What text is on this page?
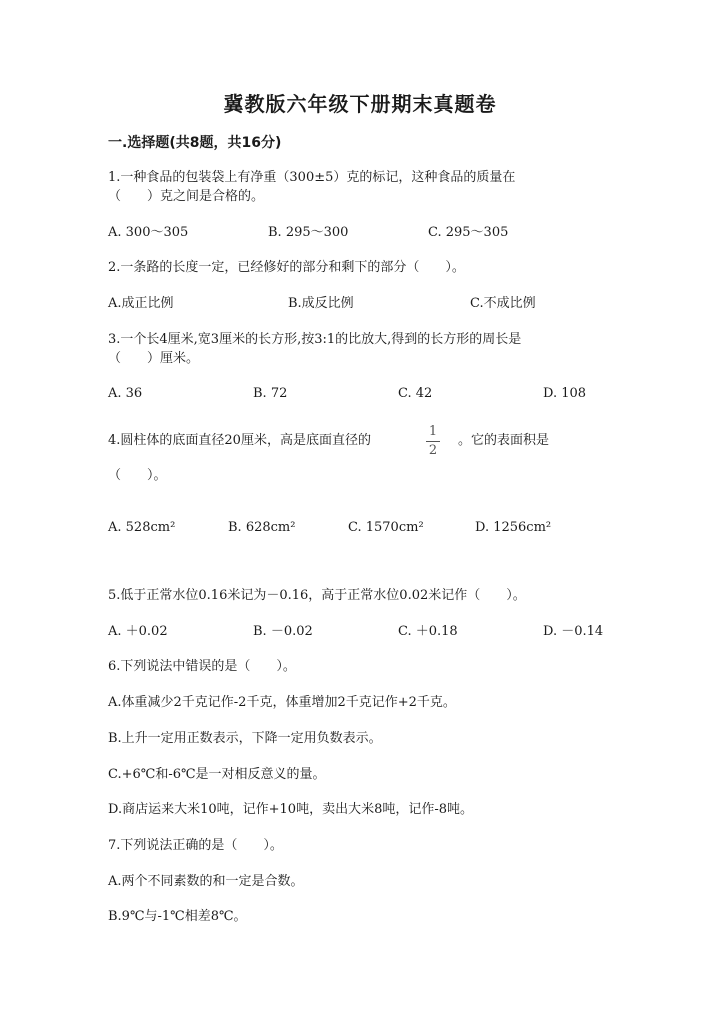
冀教版六年级下册期末真题卷
一.选择题(共8题，共16分)
1.一种食品的包装袋上有净重（300±5）克的标记，这种食品的质量在
（　　）克之间是合格的。
A. 300～305	B. 295～300	C. 295～305
2.一条路的长度一定，已经修好的部分和剩下的部分（　　）。
A.成正比例	B.成反比例	C.不成比例
3.一个长4厘米,宽3厘米的长方形,按3:1的比放大,得到的长方形的周长是
（　　）厘米。
A. 36	B. 72	C. 42	D. 108
4.圆柱体的底面直径20厘米，高是底面直径的
1
2
。它的表面积是
（　　）。
A. 528cm²	B. 628cm²	C. 1570cm²	D. 1256cm²
5.低于正常水位0.16米记为－0.16，高于正常水位0.02米记作（　　）。
A. ＋0.02	B. －0.02	C. ＋0.18	D. －0.14
6.下列说法中错误的是（　　）。
A.体重减少2千克记作-2千克，体重增加2千克记作+2千克。
B.上升一定用正数表示，下降一定用负数表示。
C.+6℃和-6℃是一对相反意义的量。
D.商店运来大米10吨，记作+10吨，卖出大米8吨，记作-8吨。
7.下列说法正确的是（　　）。
A.两个不同素数的和一定是合数。
B.9℃与-1℃相差8℃。
